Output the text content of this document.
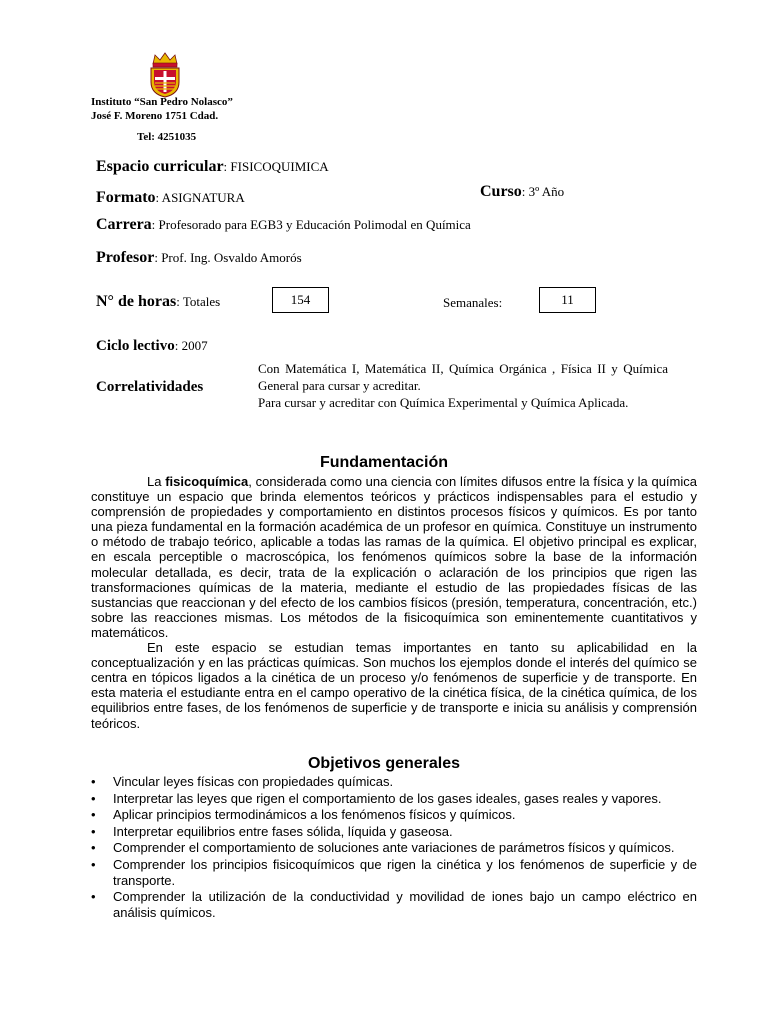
Instituto “San Pedro Nolasco”
José F. Moreno 1751 Cdad.
Tel: 4251035
Espacio curricular: FISICOQUIMICA
Formato: ASIGNATURA	Curso: 3º Año
Carrera: Profesorado para EGB3 y Educación Polimodal en Química
Profesor: Prof. Ing. Osvaldo Amorós
N° de horas: Totales	154	Semanales:	11
Ciclo lectivo: 2007
Correlatividades

Con Matemática I, Matemática II, Química Orgánica , Física II y Química General para cursar y acreditar.

Para cursar y acreditar con Química Experimental y Química Aplicada.

Fundamentación

La fisicoquímica, considerada como una ciencia con límites difusos entre la física y la química constituye un espacio que brinda elementos teóricos y prácticos indispensables para el estudio y comprensión de propiedades y comportamiento en distintos procesos físicos y químicos. Es por tanto una pieza fundamental en la formación académica de un profesor en química. Constituye un instrumento o método de trabajo teórico, aplicable a todas las ramas de la química. El objetivo principal es explicar, en escala perceptible o macroscópica, los fenómenos químicos sobre la base de la información molecular detallada, es decir, trata de la explicación o aclaración de los principios que rigen las transformaciones químicas de la materia, mediante el estudio de las propiedades físicas de las sustancias que reaccionan y del efecto de los cambios físicos (presión, temperatura, concentración, etc.) sobre las reacciones mismas. Los métodos de la fisicoquímica son eminentemente cuantitativos y matemáticos.

En este espacio se estudian temas importantes en tanto su aplicabilidad en la conceptualización y en las prácticas químicas. Son muchos los ejemplos donde el interés del químico se centra en tópicos ligados a la cinética de un proceso y/o fenómenos de superficie y de transporte. En esta materia el estudiante entra en el campo operativo de la cinética física, de la cinética química, de los equilibrios entre fases, de los fenómenos de superficie y de transporte e inicia su análisis y comprensión teóricos.

Objetivos generales
•	Vincular leyes físicas con propiedades químicas.
•	Interpretar las leyes que rigen el comportamiento de los gases ideales, gases reales y vapores.
•	Aplicar principios termodinámicos a los fenómenos físicos y químicos.
•	Interpretar equilibrios entre fases sólida, líquida y gaseosa.
•	Comprender el comportamiento de soluciones ante variaciones de parámetros físicos y químicos.
•	Comprender los principios fisicoquímicos que rigen la cinética y los fenómenos de superficie y de transporte.
•	Comprender la utilización de la conductividad y movilidad de iones bajo un campo eléctrico en análisis químicos.
